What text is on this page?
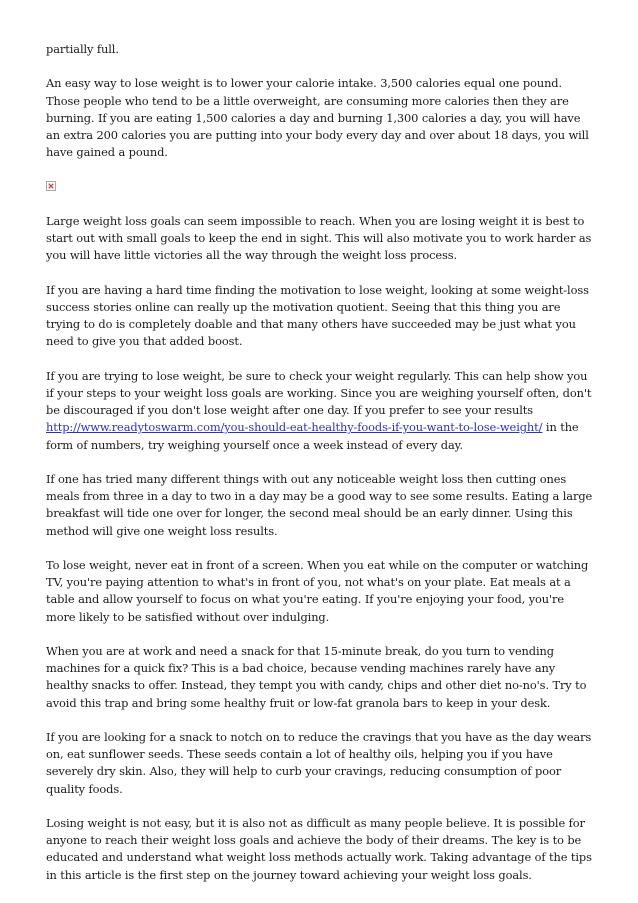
partially full.

An easy way to lose weight is to lower your calorie intake. 3,500 calories equal one pound. Those people who tend to be a little overweight, are consuming more calories then they are burning. If you are eating 1,500 calories a day and burning 1,300 calories a day, you will have an extra 200 calories you are putting into your body every day and over about 18 days, you will have gained a pound.

Large weight loss goals can seem impossible to reach. When you are losing weight it is best to start out with small goals to keep the end in sight. This will also motivate you to work harder as you will have little victories all the way through the weight loss process.

If you are having a hard time finding the motivation to lose weight, looking at some weight-loss success stories online can really up the motivation quotient. Seeing that this thing you are trying to do is completely doable and that many others have succeeded may be just what you need to give you that added boost.

If you are trying to lose weight, be sure to check your weight regularly. This can help show you if your steps to your weight loss goals are working. Since you are weighing yourself often, don't be discouraged if you don't lose weight after one day. If you prefer to see your results http://www.readytoswarm.com/you-should-eat-healthy-foods-if-you-want-to-lose-weight/ in the form of numbers, try weighing yourself once a week instead of every day.

If one has tried many different things with out any noticeable weight loss then cutting ones meals from three in a day to two in a day may be a good way to see some results. Eating a large breakfast will tide one over for longer, the second meal should be an early dinner. Using this method will give one weight loss results.

To lose weight, never eat in front of a screen. When you eat while on the computer or watching TV, you're paying attention to what's in front of you, not what's on your plate. Eat meals at a table and allow yourself to focus on what you're eating. If you're enjoying your food, you're more likely to be satisfied without over indulging.

When you are at work and need a snack for that 15-minute break, do you turn to vending machines for a quick fix? This is a bad choice, because vending machines rarely have any healthy snacks to offer. Instead, they tempt you with candy, chips and other diet no-no's. Try to avoid this trap and bring some healthy fruit or low-fat granola bars to keep in your desk.

If you are looking for a snack to notch on to reduce the cravings that you have as the day wears on, eat sunflower seeds. These seeds contain a lot of healthy oils, helping you if you have severely dry skin. Also, they will help to curb your cravings, reducing consumption of poor quality foods.

Losing weight is not easy, but it is also not as difficult as many people believe. It is possible for anyone to reach their weight loss goals and achieve the body of their dreams. The key is to be educated and understand what weight loss methods actually work. Taking advantage of the tips in this article is the first step on the journey toward achieving your weight loss goals.
